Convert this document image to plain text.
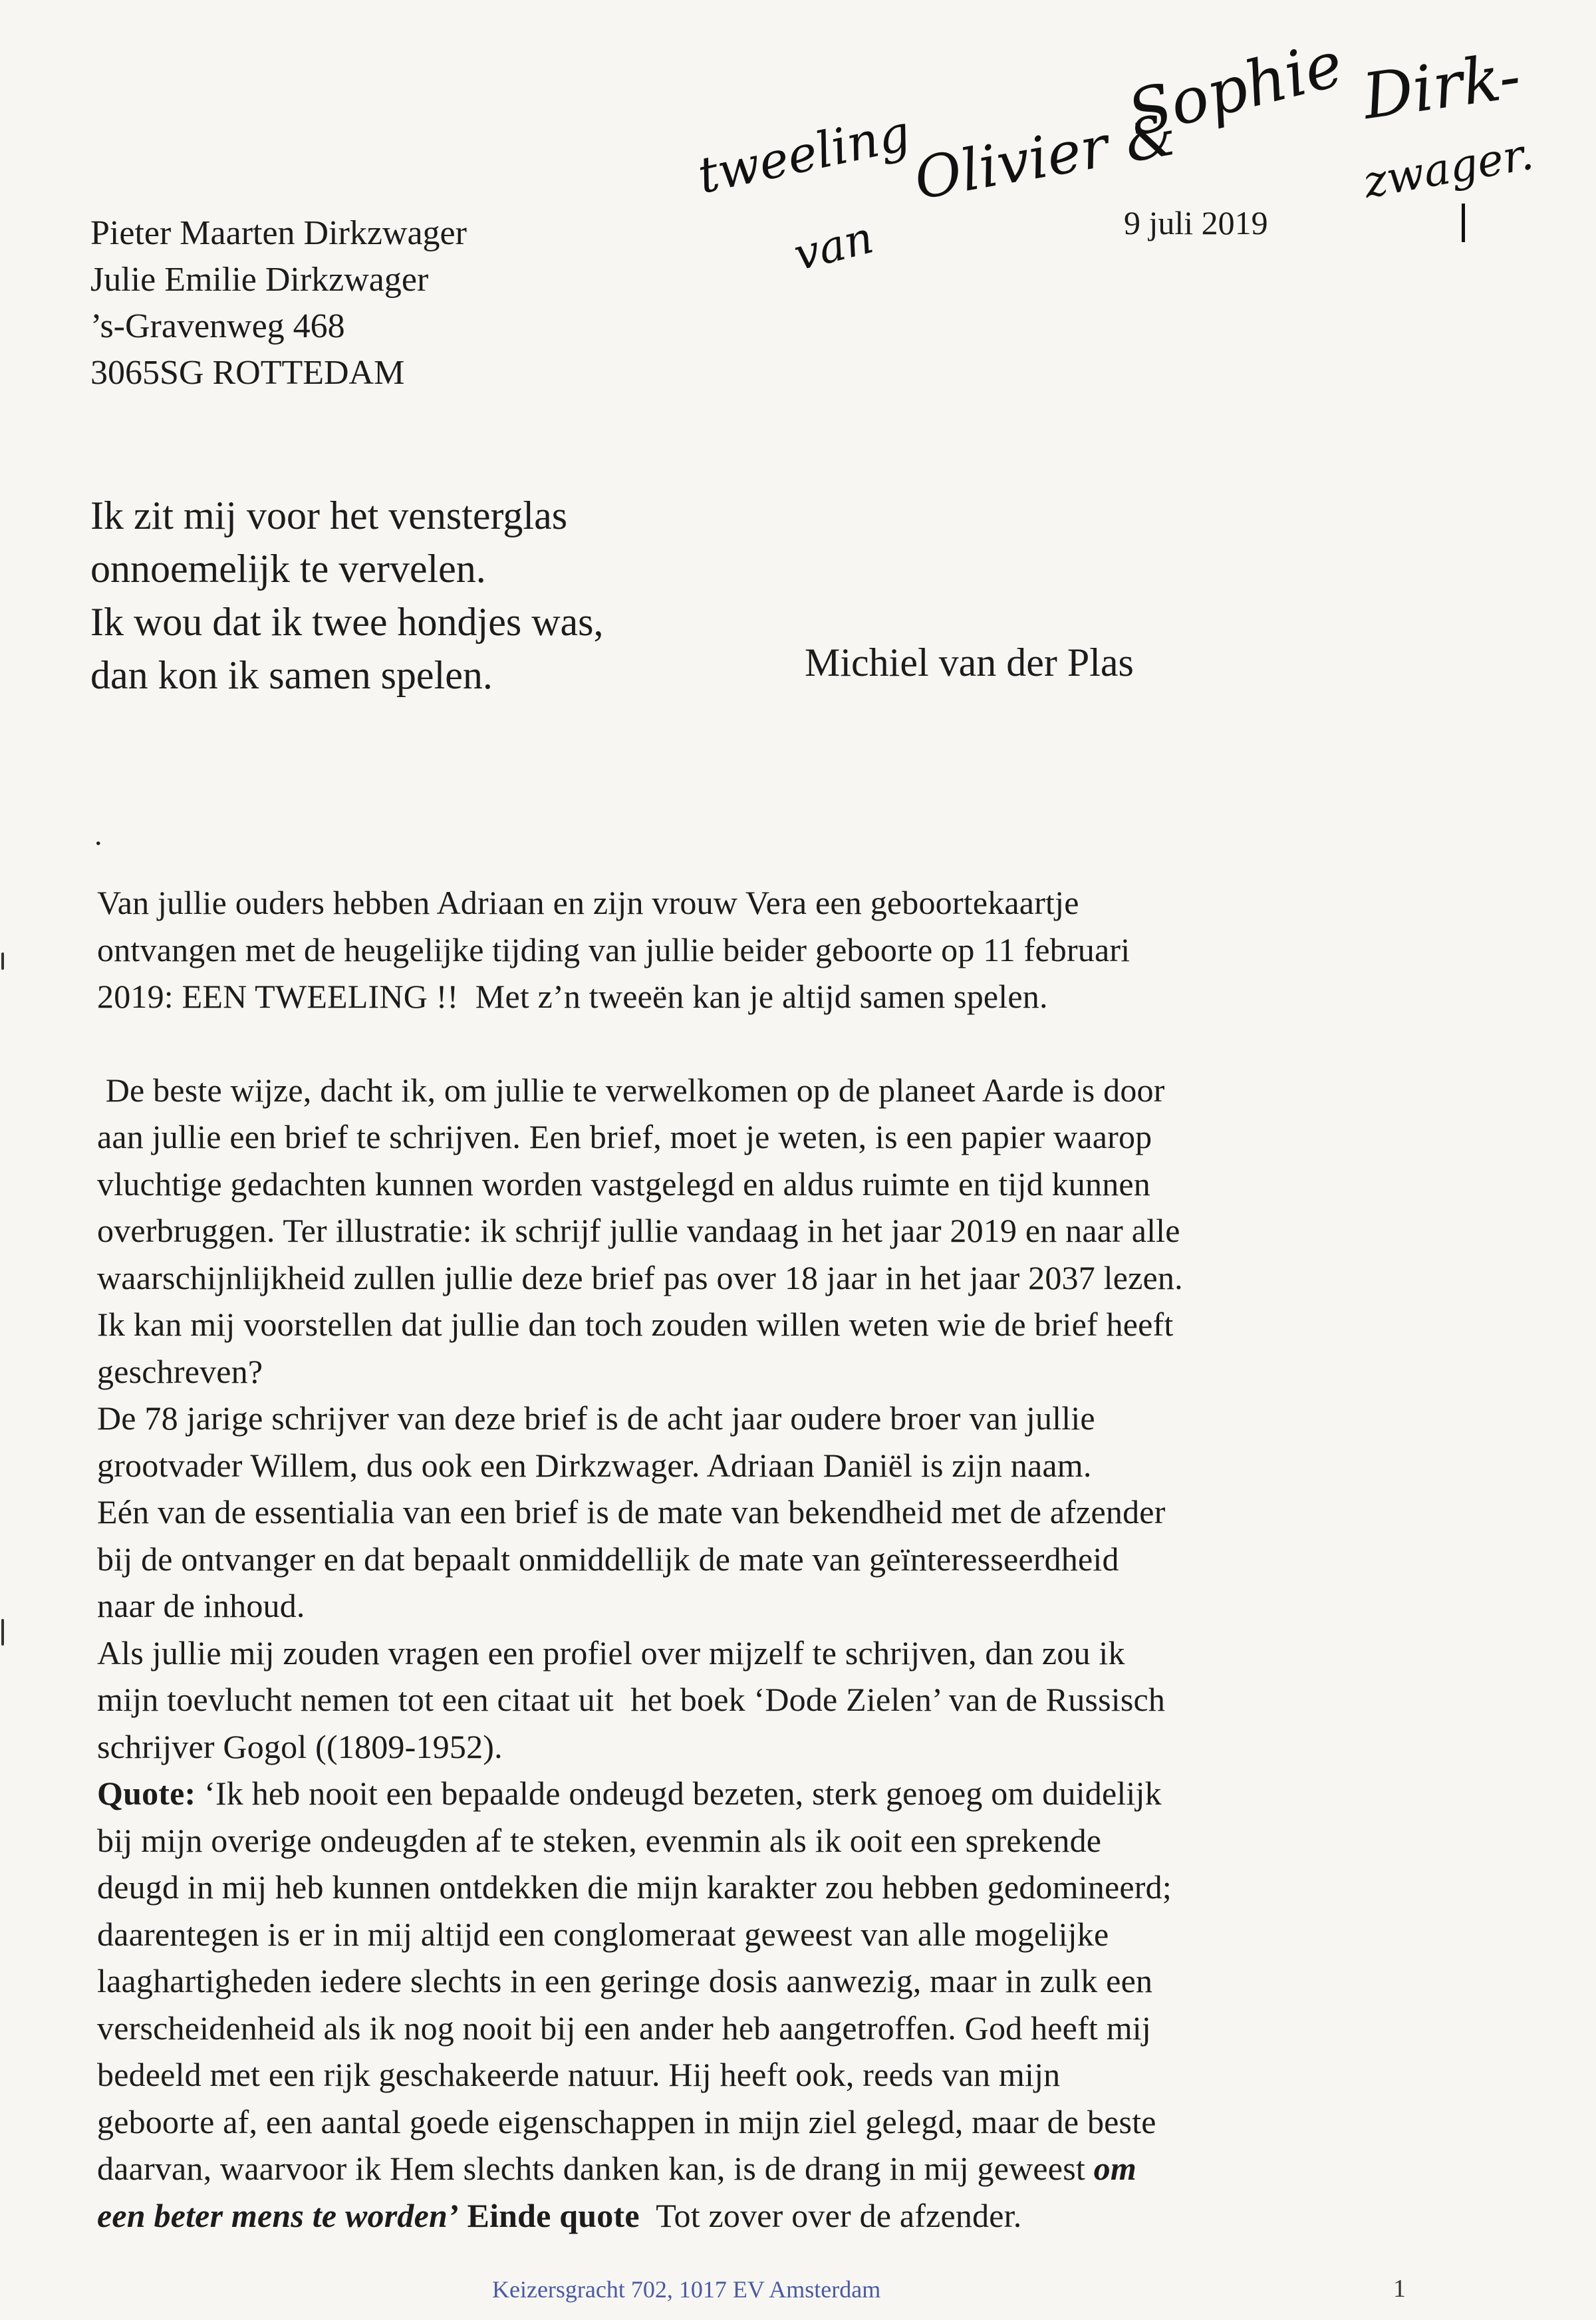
Pieter Maarten Dirkzwager
Julie Emilie Dirkzwager
’s-Gravenweg 468
3065SG ROTTEDAM
9 juli 2019
tweeling
van
Olivier &
Sophie Dirk-
zwager.
Ik zit mij voor het vensterglas
onnoemelijk te vervelen.
Ik wou dat ik twee hondjes was,
dan kon ik samen spelen.	Michiel van der Plas
.

Van jullie ouders hebben Adriaan en zijn vrouw Vera een geboortekaartje
ontvangen met de heugelijke tijding van jullie beider geboorte op 11 februari
2019: EEN TWEELING !!  Met z’n tweeën kan je altijd samen spelen.

De beste wijze, dacht ik, om jullie te verwelkomen op de planeet Aarde is door
aan jullie een brief te schrijven. Een brief, moet je weten, is een papier waarop
vluchtige gedachten kunnen worden vastgelegd en aldus ruimte en tijd kunnen
overbruggen. Ter illustratie: ik schrijf jullie vandaag in het jaar 2019 en naar alle
waarschijnlijkheid zullen jullie deze brief pas over 18 jaar in het jaar 2037 lezen.
Ik kan mij voorstellen dat jullie dan toch zouden willen weten wie de brief heeft
geschreven?
De 78 jarige schrijver van deze brief is de acht jaar oudere broer van jullie
grootvader Willem, dus ook een Dirkzwager. Adriaan Daniël is zijn naam.
Eén van de essentialia van een brief is de mate van bekendheid met de afzender
bij de ontvanger en dat bepaalt onmiddellijk de mate van geïnteresseerdheid
naar de inhoud.
Als jullie mij zouden vragen een profiel over mijzelf te schrijven, dan zou ik
mijn toevlucht nemen tot een citaat uit  het boek ‘Dode Zielen’ van de Russisch
schrijver Gogol ((1809-1952).
Quote: ‘Ik heb nooit een bepaalde ondeugd bezeten, sterk genoeg om duidelijk
bij mijn overige ondeugden af te steken, evenmin als ik ooit een sprekende
deugd in mij heb kunnen ontdekken die mijn karakter zou hebben gedomineerd;
daarentegen is er in mij altijd een conglomeraat geweest van alle mogelijke
laaghartigheden iedere slechts in een geringe dosis aanwezig, maar in zulk een
verscheidenheid als ik nog nooit bij een ander heb aangetroffen. God heeft mij
bedeeld met een rijk geschakeerde natuur. Hij heeft ook, reeds van mijn
geboorte af, een aantal goede eigenschappen in mijn ziel gelegd, maar de beste
daarvan, waarvoor ik Hem slechts danken kan, is de drang in mij geweest om
een beter mens te worden’ Einde quote  Tot zover over de afzender.

Keizersgracht 702, 1017 EV Amsterdam	1
